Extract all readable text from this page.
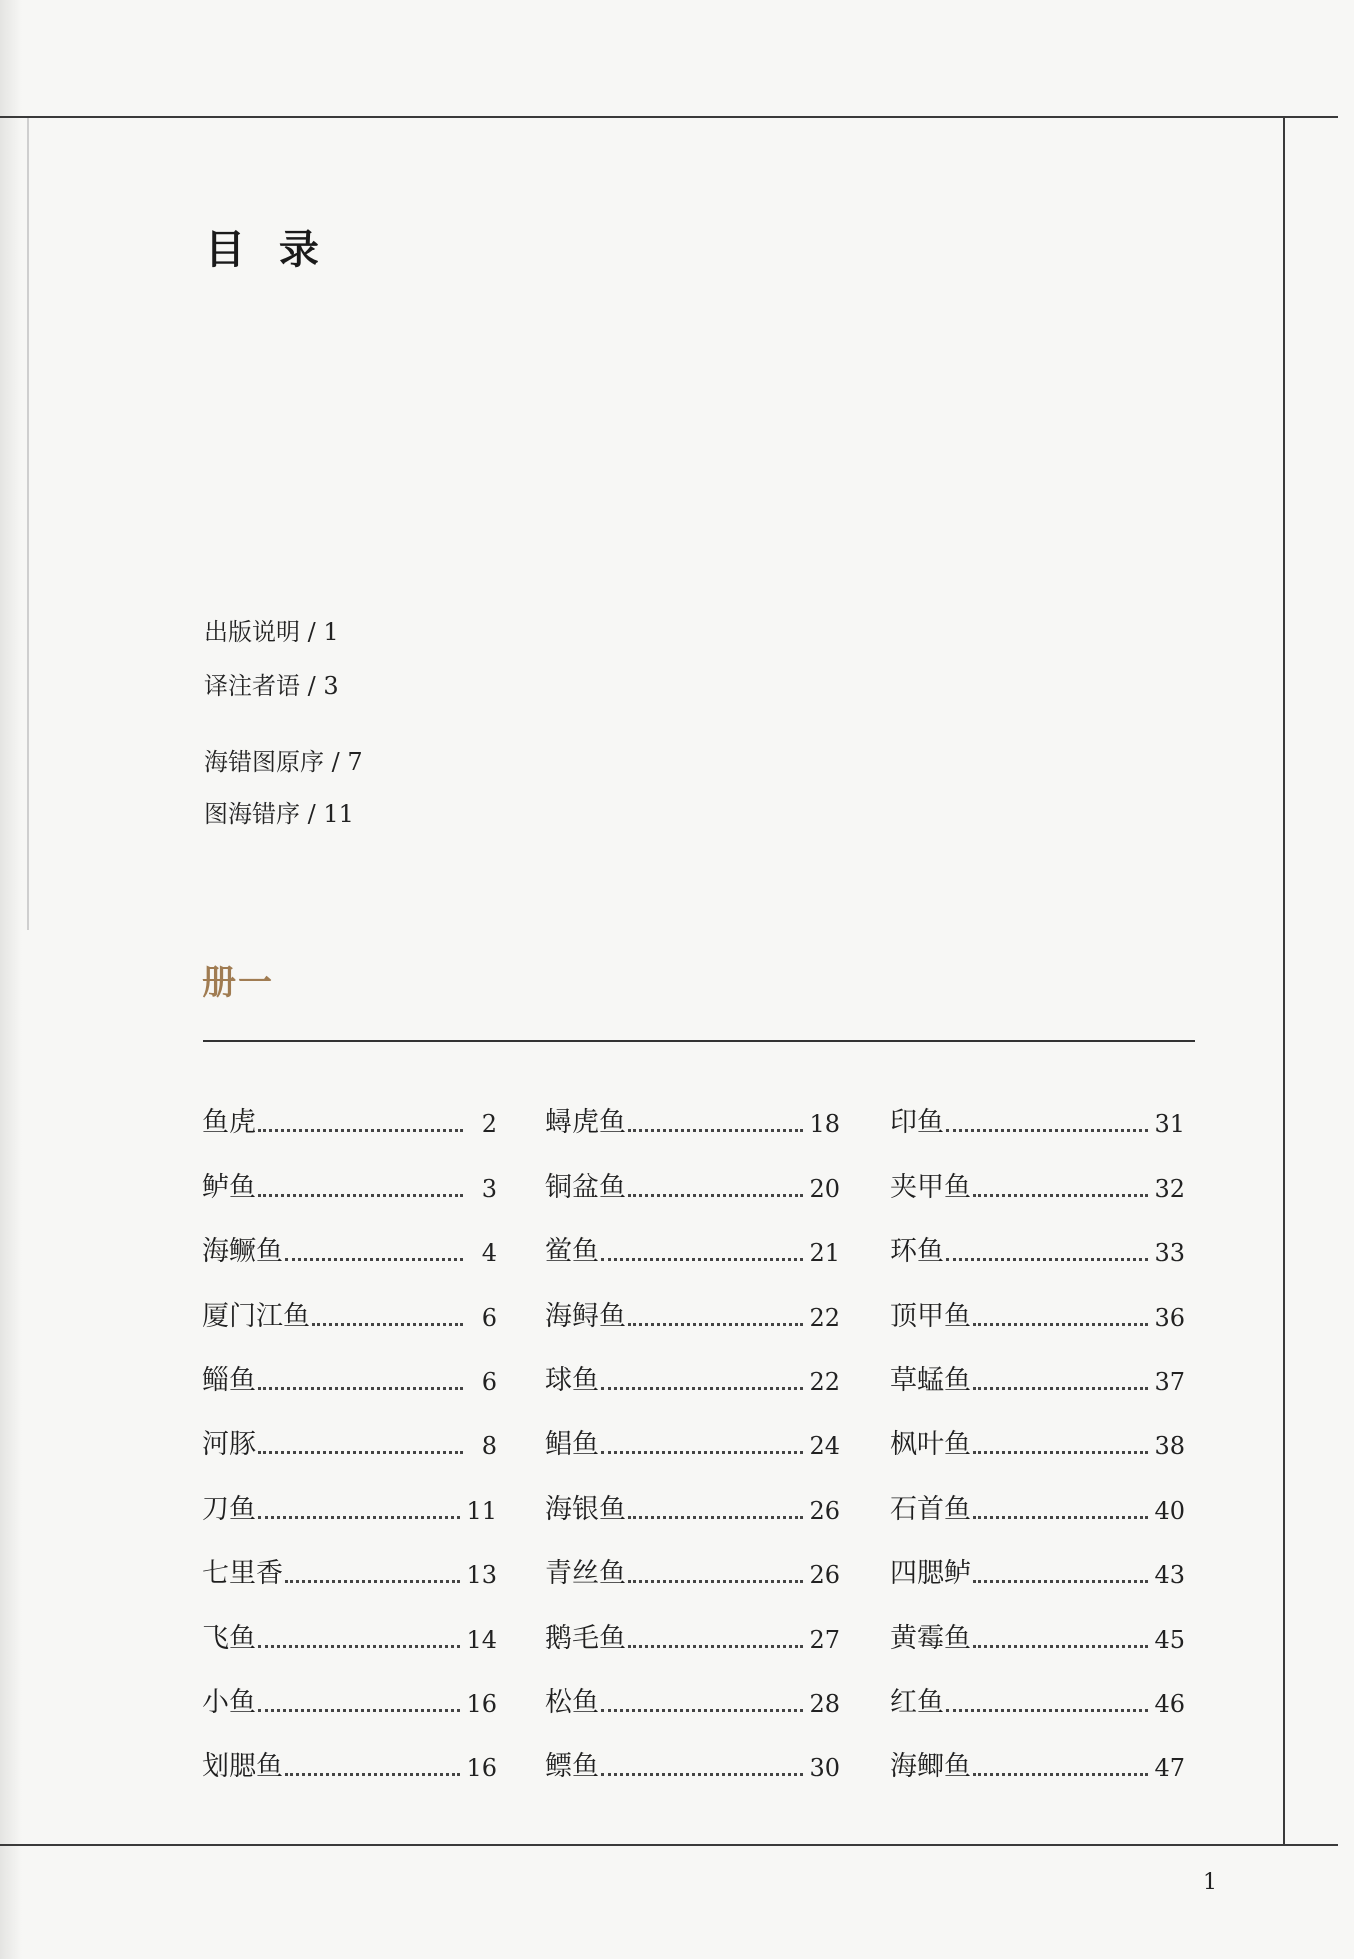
目 录
出版说明 / 1
译注者语 / 3
海错图原序 / 7
图海错序 / 11
册一
鱼虎	2
鲈鱼	3
海鳜鱼	4
厦门江鱼	6
鲻鱼	6
河豚	8
刀鱼	11
七里香	13
飞鱼	14
小鱼	16
划腮鱼	16
蟳虎鱼	18
铜盆鱼	20
鲎鱼	21
海鲟鱼	22
球鱼	22
鲳鱼	24
海银鱼	26
青丝鱼	26
鹅毛鱼	27
松鱼	28
鳔鱼	30
印鱼	31
夹甲鱼	32
环鱼	33
顶甲鱼	36
草蜢鱼	37
枫叶鱼	38
石首鱼	40
四腮鲈	43
黄霉鱼	45
红鱼	46
海鲫鱼	47
1
